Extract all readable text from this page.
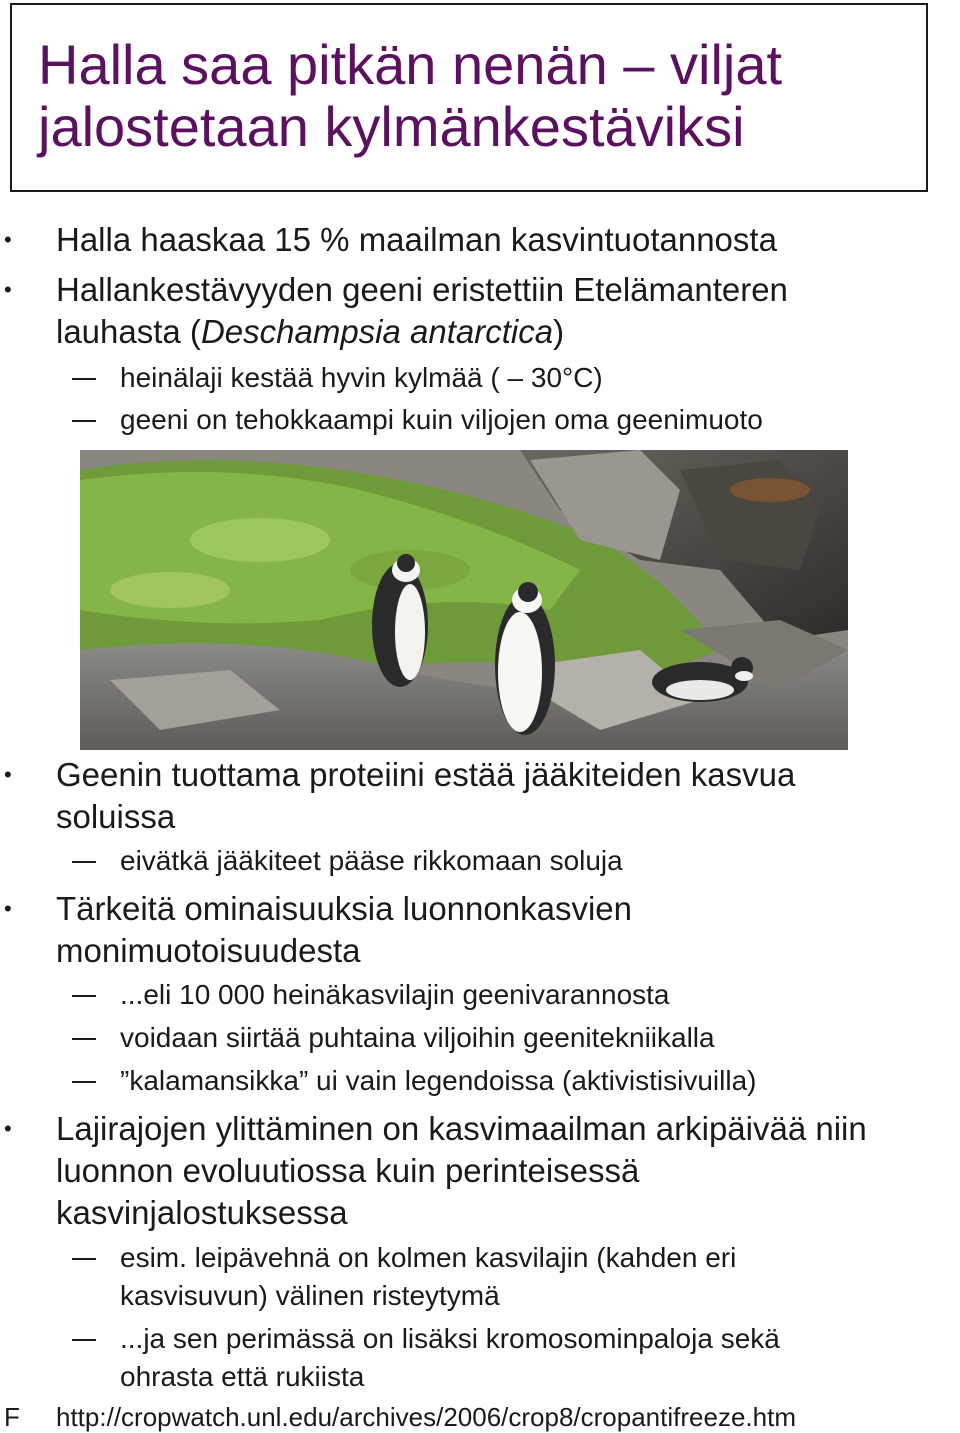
Halla saa pitkän nenän – viljat
jalostetaan kylmänkestäviksi
• Halla haaskaa 15 % maailman kasvintuotannosta
• Hallankestävyyden geeni eristettiin Etelämanteren
lauhasta (Deschampsia antarctica)
heinälaji kestää hyvin kylmää ( – 30°C)
geeni on tehokkaampi kuin viljojen oma geenimuoto
• Geenin tuottama proteiini estää jääkiteiden kasvua
soluissa
eivätkä jääkiteet pääse rikkomaan soluja
• Tärkeitä ominaisuuksia luonnonkasvien
monimuotoisuudesta
...eli 10 000 heinäkasvilajin geenivarannosta
voidaan siirtää puhtaina viljoihin geenitekniikalla
”kalamansikka” ui vain legendoissa (aktivistisivuilla)
• Lajirajojen ylittäminen on kasvimaailman arkipäivää niin
luonnon evoluutiossa kuin perinteisessä
kasvinjalostuksessa
esim. leipävehnä on kolmen kasvilajin (kahden eri
kasvisuvun) välinen risteytymä
...ja sen perimässä on lisäksi kromosominpaloja sekä
ohrasta että rukiista
F http://cropwatch.unl.edu/archives/2006/crop8/cropantifreeze.htm
